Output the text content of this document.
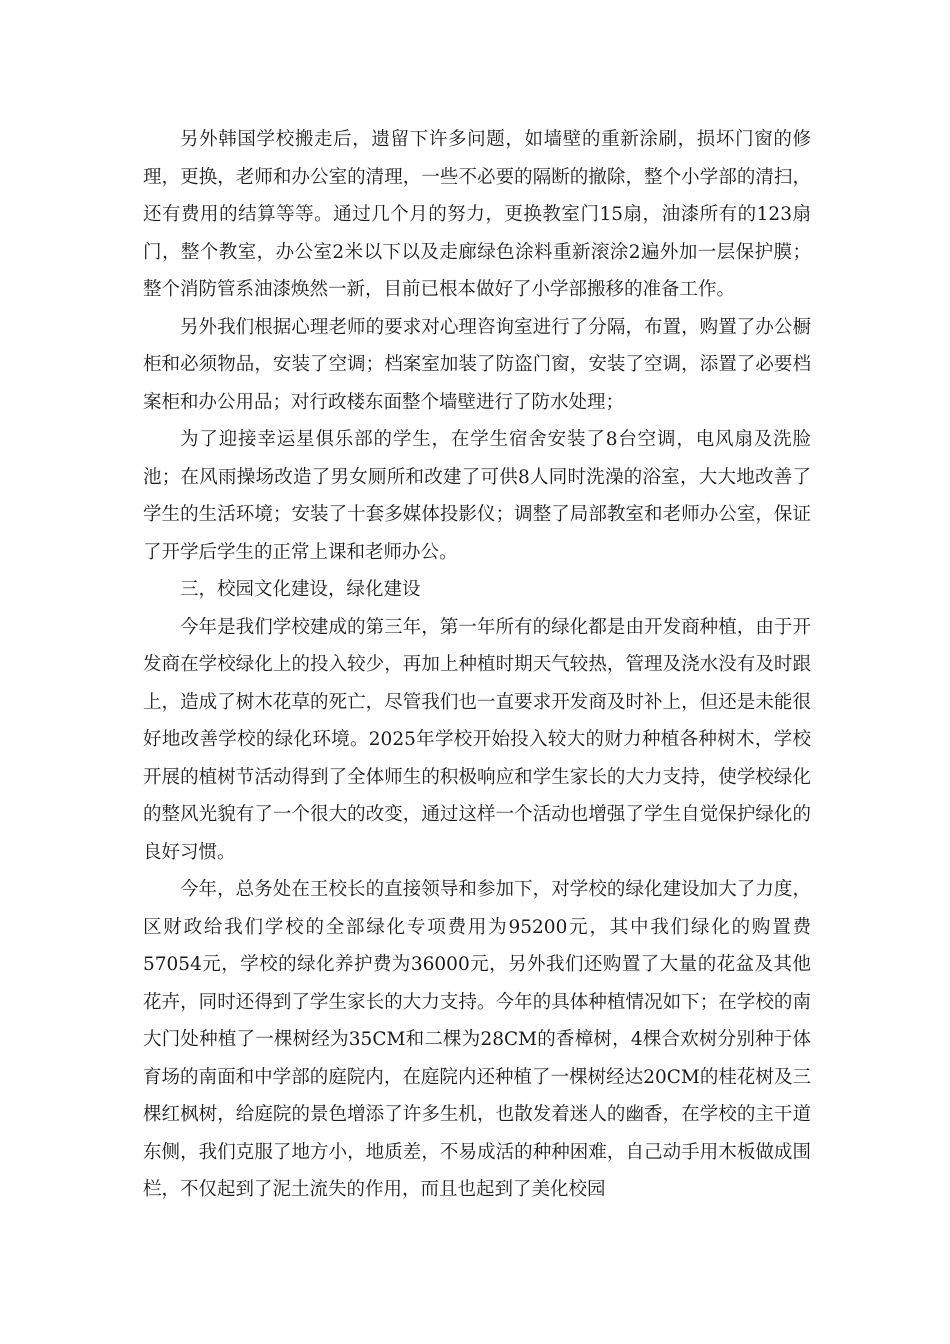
另外韩国学校搬走后，遗留下许多问题，如墙壁的重新涂刷，损坏门窗的修理，更换，老师和办公室的清理，一些不必要的隔断的撤除，整个小学部的清扫，还有费用的结算等等。通过几个月的努力，更换教室门15扇，油漆所有的123扇门，整个教室，办公室2米以下以及走廊绿色涂料重新滚涂2遍外加一层保护膜；整个消防管系油漆焕然一新，目前已根本做好了小学部搬移的准备工作。

另外我们根据心理老师的要求对心理咨询室进行了分隔，布置，购置了办公橱柜和必须物品，安装了空调；档案室加装了防盗门窗，安装了空调，添置了必要档案柜和办公用品；对行政楼东面整个墙壁进行了防水处理；

为了迎接幸运星俱乐部的学生，在学生宿舍安装了8台空调，电风扇及洗脸池；在风雨操场改造了男女厕所和改建了可供8人同时洗澡的浴室，大大地改善了学生的生活环境；安装了十套多媒体投影仪；调整了局部教室和老师办公室，保证了开学后学生的正常上课和老师办公。

三，校园文化建设，绿化建设

今年是我们学校建成的第三年，第一年所有的绿化都是由开发商种植，由于开发商在学校绿化上的投入较少，再加上种植时期天气较热，管理及浇水没有及时跟上，造成了树木花草的死亡，尽管我们也一直要求开发商及时补上，但还是未能很好地改善学校的绿化环境。2025年学校开始投入较大的财力种植各种树木，学校开展的植树节活动得到了全体师生的积极响应和学生家长的大力支持，使学校绿化的整风光貌有了一个很大的改变，通过这样一个活动也增强了学生自觉保护绿化的良好习惯。

今年，总务处在王校长的直接领导和参加下，对学校的绿化建设加大了力度，区财政给我们学校的全部绿化专项费用为95200元，其中我们绿化的购置费57054元，学校的绿化养护费为36000元，另外我们还购置了大量的花盆及其他花卉，同时还得到了学生家长的大力支持。今年的具体种植情况如下；在学校的南大门处种植了一棵树经为35CM和二棵为28CM的香樟树，4棵合欢树分别种于体育场的南面和中学部的庭院内，在庭院内还种植了一棵树经达20CM的桂花树及三棵红枫树，给庭院的景色增添了许多生机，也散发着迷人的幽香，在学校的主干道东侧，我们克服了地方小，地质差，不易成活的种种困难，自己动手用木板做成围栏，不仅起到了泥土流失的作用，而且也起到了美化校园
